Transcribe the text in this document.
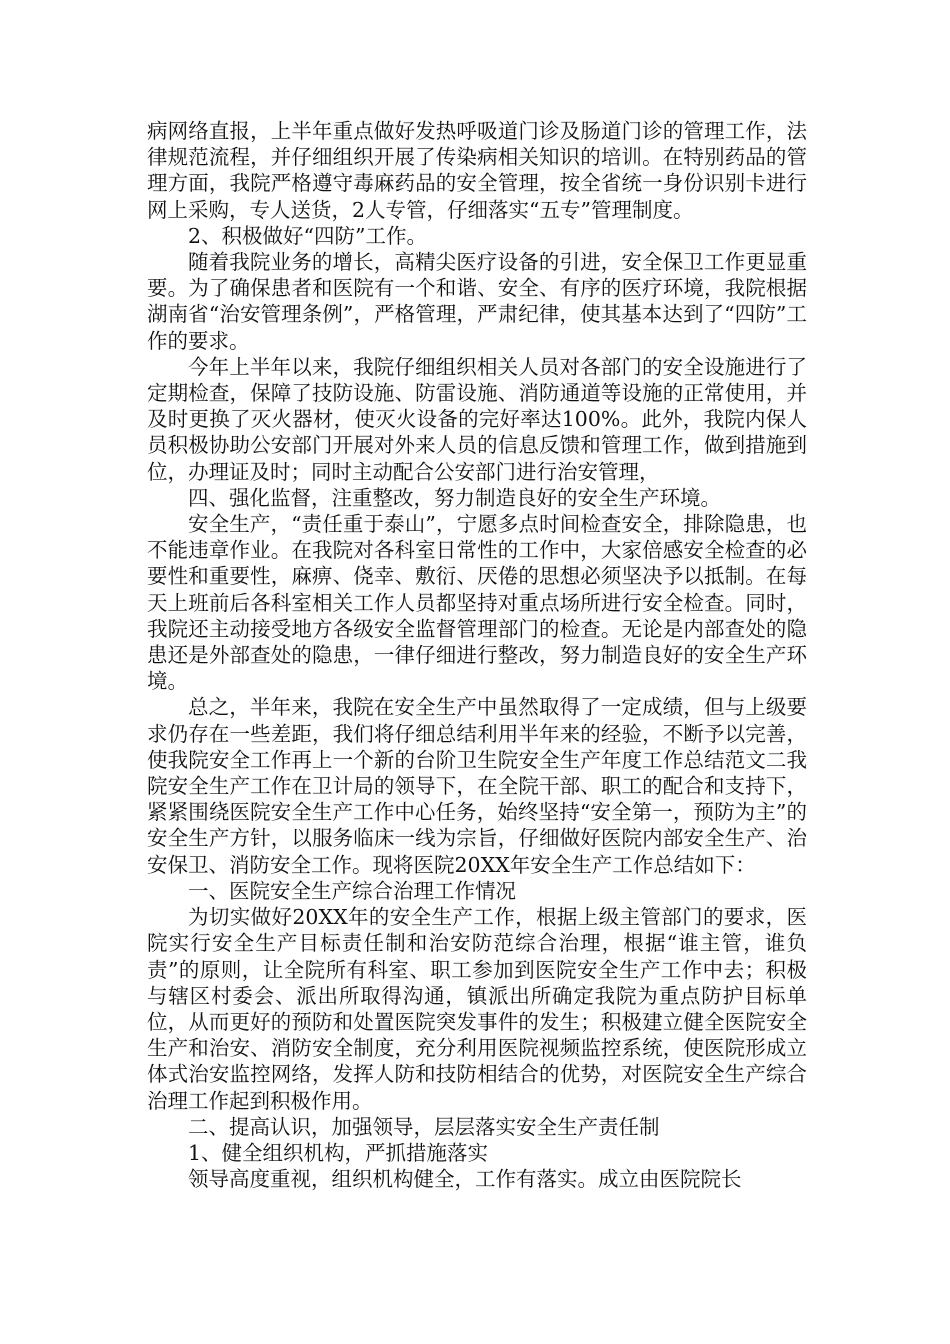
病网络直报，上半年重点做好发热呼吸道门诊及肠道门诊的管理工作，法律规范流程，并仔细组织开展了传染病相关知识的培训。在特别药品的管理方面，我院严格遵守毒麻药品的安全管理，按全省统一身份识别卡进行网上采购，专人送货，2人专管，仔细落实“五专”管理制度。

2、积极做好“四防”工作。

随着我院业务的增长，高精尖医疗设备的引进，安全保卫工作更显重要。为了确保患者和医院有一个和谐、安全、有序的医疗环境，我院根据湖南省“治安管理条例”，严格管理，严肃纪律，使其基本达到了“四防”工作的要求。

今年上半年以来，我院仔细组织相关人员对各部门的安全设施进行了定期检查，保障了技防设施、防雷设施、消防通道等设施的正常使用，并及时更换了灭火器材，使灭火设备的完好率达100%。此外，我院内保人员积极协助公安部门开展对外来人员的信息反馈和管理工作，做到措施到位，办理证及时；同时主动配合公安部门进行治安管理，

四、强化监督，注重整改，努力制造良好的安全生产环境。

安全生产，“责任重于泰山”，宁愿多点时间检查安全，排除隐患，也不能违章作业。在我院对各科室日常性的工作中，大家倍感安全检查的必要性和重要性，麻痹、侥幸、敷衍、厌倦的思想必须坚决予以抵制。在每天上班前后各科室相关工作人员都坚持对重点场所进行安全检查。同时，我院还主动接受地方各级安全监督管理部门的检查。无论是内部查处的隐患还是外部查处的隐患，一律仔细进行整改，努力制造良好的安全生产环境。

总之，半年来，我院在安全生产中虽然取得了一定成绩，但与上级要求仍存在一些差距，我们将仔细总结利用半年来的经验，不断予以完善，使我院安全工作再上一个新的台阶卫生院安全生产年度工作总结范文二我院安全生产工作在卫计局的领导下，在全院干部、职工的配合和支持下，紧紧围绕医院安全生产工作中心任务，始终坚持“安全第一，预防为主”的安全生产方针，以服务临床一线为宗旨，仔细做好医院内部安全生产、治安保卫、消防安全工作。现将医院20XX年安全生产工作总结如下：

一、医院安全生产综合治理工作情况

为切实做好20XX年的安全生产工作，根据上级主管部门的要求，医院实行安全生产目标责任制和治安防范综合治理，根据“谁主管，谁负责”的原则，让全院所有科室、职工参加到医院安全生产工作中去；积极与辖区村委会、派出所取得沟通，镇派出所确定我院为重点防护目标单位，从而更好的预防和处置医院突发事件的发生；积极建立健全医院安全生产和治安、消防安全制度，充分利用医院视频监控系统，使医院形成立体式治安监控网络，发挥人防和技防相结合的优势，对医院安全生产综合治理工作起到积极作用。

二、提高认识，加强领导，层层落实安全生产责任制

1、健全组织机构，严抓措施落实

领导高度重视，组织机构健全，工作有落实。成立由医院院长
